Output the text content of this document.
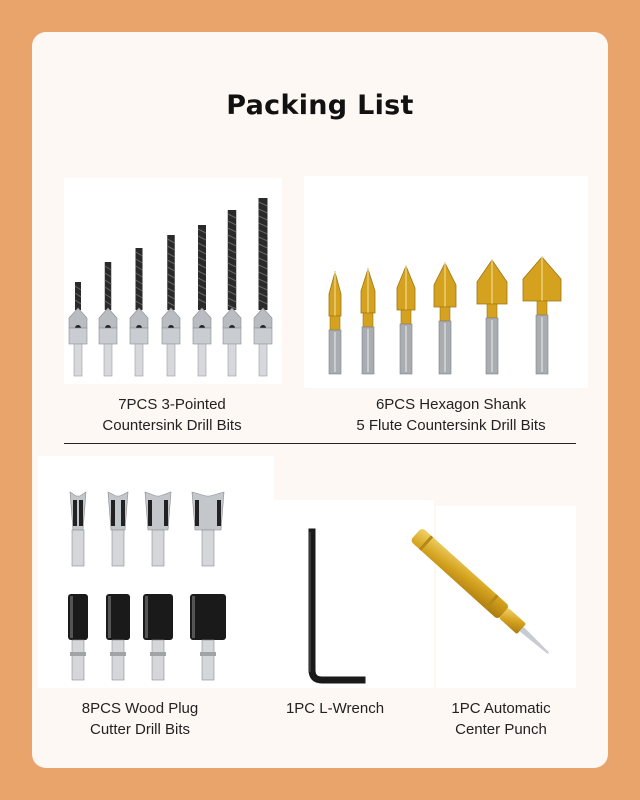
Packing List
7PCS 3-Pointed
Countersink Drill Bits
6PCS Hexagon Shank
5 Flute Countersink Drill Bits
8PCS Wood Plug
Cutter Drill Bits
1PC L-Wrench	1PC Automatic
Center Punch
